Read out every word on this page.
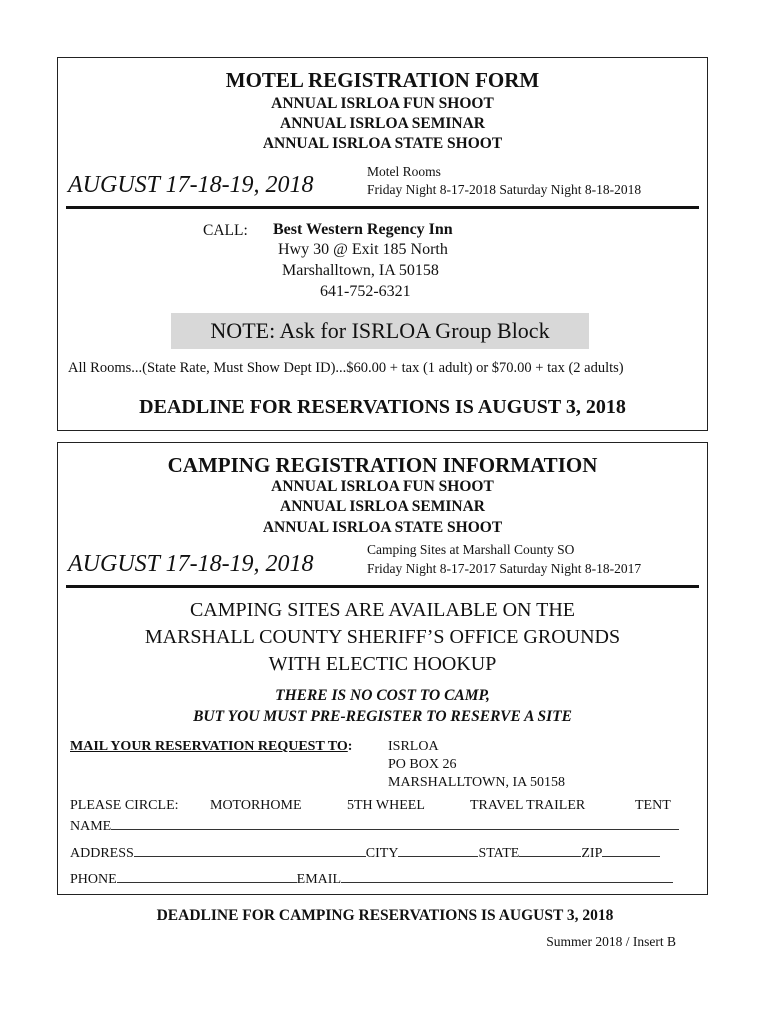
MOTEL REGISTRATION FORM
ANNUAL ISRLOA FUN SHOOT
ANNUAL ISRLOA SEMINAR
ANNUAL ISRLOA STATE SHOOT
AUGUST 17-18-19, 2018
Motel Rooms
Friday Night 8-17-2018 Saturday Night 8-18-2018
CALL: Best Western Regency Inn
Hwy 30 @ Exit 185 North
Marshalltown, IA 50158
641-752-6321
NOTE: Ask for ISRLOA Group Block
All Rooms...(State Rate, Must Show Dept ID)...$60.00 + tax (1 adult) or $70.00 + tax (2 adults)
DEADLINE FOR RESERVATIONS IS AUGUST 3, 2018
CAMPING REGISTRATION INFORMATION
ANNUAL ISRLOA FUN SHOOT
ANNUAL ISRLOA SEMINAR
ANNUAL ISRLOA STATE SHOOT
AUGUST 17-18-19, 2018
Camping Sites at Marshall County SO
Friday Night 8-17-2017 Saturday Night 8-18-2017
CAMPING SITES ARE AVAILABLE ON THE
MARSHALL COUNTY SHERIFF’S OFFICE GROUNDS
WITH ELECTIC HOOKUP
THERE IS NO COST TO CAMP,
BUT YOU MUST PRE-REGISTER TO RESERVE A SITE
MAIL YOUR RESERVATION REQUEST TO:	ISRLOA
PO BOX 26
MARSHALLTOWN, IA 50158
PLEASE CIRCLE: MOTORHOME	5TH WHEEL	TRAVEL TRAILER	TENT
NAME
ADDRESS	CITY	STATE	ZIP
PHONE	EMAIL
DEADLINE FOR CAMPING RESERVATIONS IS AUGUST 3, 2018
Summer 2018 / Insert B
